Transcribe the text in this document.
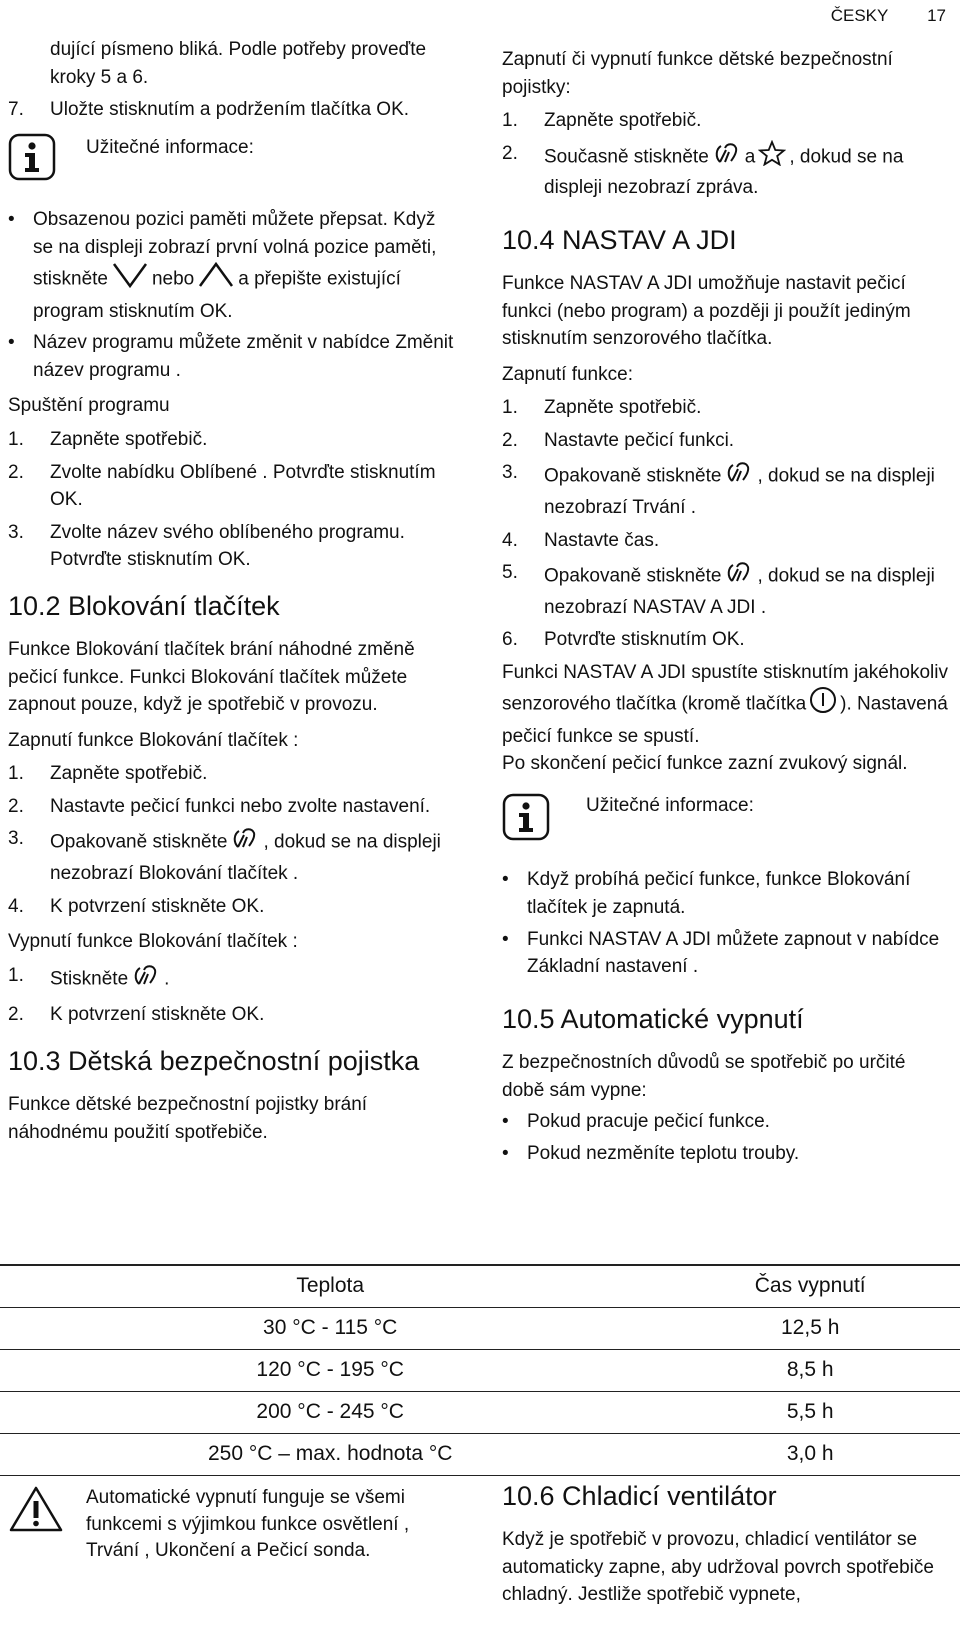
ČESKY 17
dující písmeno bliká. Podle potřeby proveďte kroky 5 a 6.
7. Uložte stisknutím a podržením tlačítka OK.
Užitečné informace:
• Obsazenou pozici paměti můžete přepsat. Když se na displeji zobrazí první volná pozice paměti, stiskněte nebo a přepište existující program stisknutím OK.
• Název programu můžete změnit v nabídce Změnit název programu .
Spuštění programu
1. Zapněte spotřebič.
2. Zvolte nabídku Oblíbené . Potvrďte stisknutím OK.
3. Zvolte název svého oblíbeného programu. Potvrďte stisknutím OK.
10.2 Blokování tlačítek

Funkce Blokování tlačítek brání náhodné změně pečicí funkce. Funkci Blokování tlačítek můžete zapnout pouze, když je spotřebič v provozu.

Zapnutí funkce Blokování tlačítek :
1. Zapněte spotřebič.
2. Nastavte pečicí funkci nebo zvolte nastavení.
3. Opakovaně stiskněte , dokud se na displeji nezobrazí Blokování tlačítek .
4. K potvrzení stiskněte OK.
Vypnutí funkce Blokování tlačítek :
1. Stiskněte .
2. K potvrzení stiskněte OK.
10.3 Dětská bezpečnostní pojistka

Funkce dětské bezpečnostní pojistky brání náhodnému použití spotřebiče.

Zapnutí či vypnutí funkce dětské bezpečnostní pojistky:
1. Zapněte spotřebič.
2. Současně stiskněte a , dokud se na displeji nezobrazí zpráva.
10.4 NASTAV A JDI

Funkce NASTAV A JDI umožňuje nastavit pečicí funkci (nebo program) a později ji použít jediným stisknutím senzorového tlačítka.

Zapnutí funkce:
1. Zapněte spotřebič.
2. Nastavte pečicí funkci.
3. Opakovaně stiskněte , dokud se na displeji nezobrazí Trvání .
4. Nastavte čas.
5. Opakovaně stiskněte , dokud se na displeji nezobrazí NASTAV A JDI .
6. Potvrďte stisknutím OK.

Funkci NASTAV A JDI spustíte stisknutím jakéhokoliv senzorového tlačítka (kromě tlačítka ). Nastavená pečicí funkce se spustí.

Po skončení pečicí funkce zazní zvukový signál.

Užitečné informace:
• Když probíhá pečicí funkce, funkce Blokování tlačítek je zapnutá.
• Funkci NASTAV A JDI můžete zapnout v nabídce Základní nastavení .
10.5 Automatické vypnutí

Z bezpečnostních důvodů se spotřebič po určité době sám vypne:

• Pokud pracuje pečicí funkce.
• Pokud nezměníte teplotu trouby.
Teplota	Čas vypnutí
30 °C - 115 °C	12,5 h
120 °C - 195 °C	8,5 h
200 °C - 245 °C	5,5 h
250 °C – max. hodnota °C	3,0 h

Automatické vypnutí funguje se všemi funkcemi s výjimkou funkce osvětlení , Trvání , Ukončení a Pečicí sonda.

10.6 Chladicí ventilátor

Když je spotřebič v provozu, chladicí ventilátor se automaticky zapne, aby udržoval povrch spotřebiče chladný. Jestliže spotřebič vypnete,
